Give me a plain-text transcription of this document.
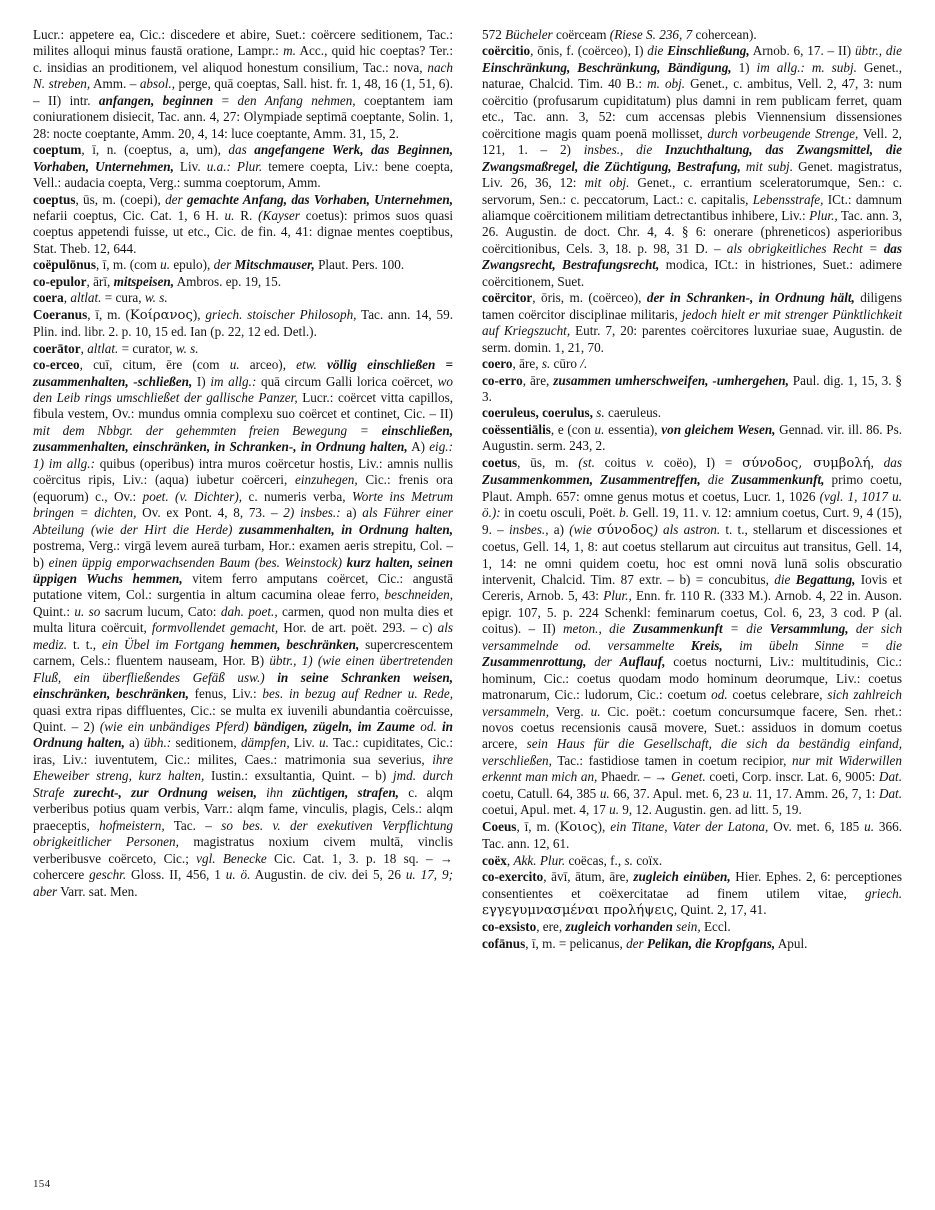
Lucr.: appetere ea, Cic.: discedere et abire, Suet.: coërcere seditionem, Tac.: milites alloqui minus faustā oratione, Lampr.: m. Acc., quid hic coeptas? Ter.: c. insidias an proditionem, vel aliquod honestum consilium, Tac.: nova, nach N. streben, Amm. – absol., perge, quā coeptas, Sall. hist. fr. 1, 48, 16 (1, 51, 6). – II) intr. anfangen, beginnen = den Anfang nehmen, coeptantem iam coniurationem disiecit, Tac. ann. 4, 27: Olympiade septimā coeptante, Solin. 1, 28: nocte coeptante, Amm. 20, 4, 14: luce coeptante, Amm. 31, 15, 2.

coeptum, ī, n. (coeptus, a, um), das angefangene Werk, das Beginnen, Vorhaben, Unternehmen, Liv. u.a.: Plur. temere coepta, Liv.: bene coepta, Vell.: audacia coepta, Verg.: summa coeptorum, Amm.

coeptus, ūs, m. (coepi), der gemachte Anfang, das Vorhaben, Unternehmen, nefarii coeptus, Cic. Cat. 1, 6 H. u. R. (Kayser coetus): primos suos quasi coeptus appetendi fuisse, ut etc., Cic. de fin. 4, 41: dignae mentes coeptibus, Stat. Theb. 12, 644.

coëpulōnus, ī, m. (com u. epulo), der Mitschmauser, Plaut. Pers. 100.

co-epulor, ārī, mitspeisen, Ambros. ep. 19, 15.

coera, altlat. = cura, w. s.

Coeranus, ī, m. (Κοίρανος), griech. stoischer Philosoph, Tac. ann. 14, 59. Plin. ind. libr. 2. p. 10, 15 ed. Ian (p. 22, 12 ed. Detl.).

coerātor, altlat. = curator, w. s.

co-erceo, cuī, citum, ēre (com u. arceo), etw. völlig einschließen = zusammenhalten, -schließen, I) im allg.: quā circum Galli lorica coërcet, wo den Leib rings umschließet der gallische Panzer, Lucr.: coërcet vitta capillos, fibula vestem, Ov.: mundus omnia complexu suo coërcet et continet, Cic. – II) mit dem Nbbgr. der gehemmten freien Bewegung = einschließen, zusammenhalten, einschränken, in Schranken-, in Ordnung halten, A) eig.: 1) im allg.: quibus (operibus) intra muros coërcetur hostis, Liv.: amnis nullis coërcitus ripis, Liv.: (aqua) iubetur coërceri, einzuhegen, Cic.: frenis ora (equorum) c., Ov.: poet. (v. Dichter), c. numeris verba, Worte ins Metrum bringen = dichten, Ov. ex Pont. 4, 8, 73. – 2) insbes.: a) als Führer einer Abteilung (wie der Hirt die Herde) zusammenhalten, in Ordnung halten, postrema, Verg.: virgā levem aureā turbam, Hor.: examen aeris strepitu, Col. – b) einen üppig emporwachsenden Baum (bes. Weinstock) kurz halten, seinen üppigen Wuchs hemmen, vitem ferro amputans coërcet, Cic.: angustā putatione vitem, Col.: surgentia in altum cacumina oleae ferro, beschneiden, Quint.: u. so sacrum lucum, Cato: dah. poet., carmen, quod non multa dies et multa litura coërcuit, formvollendet gemacht, Hor. de art. poët. 293. – c) als mediz. t. t., ein Übel im Fortgang hemmen, beschränken, supercrescentem carnem, Cels.: fluentem nauseam, Hor. B) übtr., 1) (wie einen übertretenden Fluß, ein überfließendes Gefäß usw.) in seine Schranken weisen, einschränken, beschränken, fenus, Liv.: bes. in bezug auf Redner u. Rede, quasi extra ripas diffluentes, Cic.: se multa ex iuvenili abundantia coërcuisse, Quint. – 2) (wie ein unbändiges Pferd) bändigen, zügeln, im Zaume od. in Ordnung halten, a) übh.: seditionem, dämpfen, Liv. u. Tac.: cupiditates, Cic.: iras, Liv.: iuventutem, Cic.: milites, Caes.: matrimonia sua severius, ihre Eheweiber streng, kurz halten, Iustin.: exsultantia, Quint. – b) jmd. durch Strafe zurecht-, zur Ordnung weisen, ihn züchtigen, strafen, c. alqm verberibus potius quam verbis, Varr.: alqm fame, vinculis, plagis, Cels.: alqm praeceptis, hofmeistern, Tac. – so bes. v. der exekutiven Verpflichtung obrigkeitlicher Personen, magistratus noxium civem multā, vinclis verberibusve coërceto, Cic.; vgl. Benecke Cic. Cat. 1, 3. p. 18 sq. – → cohercere geschr. Gloss. II, 456, 1 u. ö. Augustin. de civ. dei 5, 26 u. 17, 9; aber Varr. sat. Men.

572 Bücheler coërceam (Riese S. 236, 7 cohercean).

coërcitio, ōnis, f. (coërceo), I) die Einschließung, Arnob. 6, 17. – II) übtr., die Einschränkung, Beschränkung, Bändigung, 1) im allg.: m. subj. Genet., naturae, Chalcid. Tim. 40 B.: m. obj. Genet., c. ambitus, Vell. 2, 47, 3: num coërcitio (profusarum cupiditatum) plus damni in rem publicam ferret, quam etc., Tac. ann. 3, 52: cum accensas plebis Viennensium dissensiones coërcitione magis quam poenā mollisset, durch vorbeugende Strenge, Vell. 2, 121, 1. – 2) insbes., die Inzuchthaltung, das Zwangsmittel, die Zwangsmaßregel, die Züchtigung, Bestrafung, mit subj. Genet. magistratus, Liv. 26, 36, 12: mit obj. Genet., c. errantium sceleratorumque, Sen.: c. servorum, Sen.: c. peccatorum, Lact.: c. capitalis, Lebensstrafe, ICt.: damnum aliamque coërcitionem militiam detrectantibus inhibere, Liv.: Plur., Tac. ann. 3, 26. Augustin. de doct. Chr. 4, 4. § 6: onerare (phreneticos) asperioribus coërcitionibus, Cels. 3, 18. p. 98, 31 D. – als obrigkeitliches Recht = das Zwangsrecht, Bestrafungsrecht, modica, ICt.: in histriones, Suet.: adimere coërcitionem, Suet.

coërcitor, ōris, m. (coërceo), der in Schranken-, in Ordnung hält, diligens tamen coërcitor disciplinae militaris, jedoch hielt er mit strenger Pünktlichkeit auf Kriegszucht, Eutr. 7, 20: parentes coërcitores luxuriae suae, Augustin. de serm. domin. 1, 21, 70.

coero, āre, s. cūro /.

co-erro, āre, zusammen umherschweifen, -umhergehen, Paul. dig. 1, 15, 3. § 3.

coeruleus, coerulus, s. caeruleus.

coëssentiālis, e (con u. essentia), von gleichem Wesen, Gennad. vir. ill. 86. Ps. Augustin. serm. 243, 2.

coetus, ūs, m. (st. coitus v. coëo), I) = σύνοδος, συμβολή, das Zusammenkommen, Zusammentreffen, die Zusammenkunft, primo coetu, Plaut. Amph. 657: omne genus motus et coetus, Lucr. 1, 1026 (vgl. 1, 1017 u. ö.): in coetu osculi, Poët. b. Gell. 19, 11. v. 12: amnium coetus, Curt. 9, 4 (15), 9. – insbes., a) (wie σύνοδος) als astron. t. t., stellarum et discessiones et coetus, Gell. 14, 1, 8: aut coetus stellarum aut circuitus aut transitus, Gell. 14, 1, 14: ne omni quidem coetu, hoc est omni novā lunā solis obscuratio intervenit, Chalcid. Tim. 87 extr. – b) = concubitus, die Begattung, Iovis et Cereris, Arnob. 5, 43: Plur., Enn. fr. 110 R. (333 M.). Arnob. 4, 22 in. Auson. epigr. 107, 5. p. 224 Schenkl: feminarum coetus, Col. 6, 23, 3 cod. P (al. coitus). – II) meton., die Zusammenkunft = die Versammlung, der sich versammelnde od. versammelte Kreis, im übeln Sinne = die Zusammenrottung, der Auflauf, coetus nocturni, Liv.: multitudinis, Cic.: hominum, Cic.: coetus quodam modo hominum deorumque, Liv.: coetus matronarum, Cic.: ludorum, Cic.: coetum od. coetus celebrare, sich zahlreich versammeln, Verg. u. Cic. poët.: coetum concursumque facere, Sen. rhet.: novos coetus recensionis causā movere, Suet.: assiduos in domum coetus arcere, sein Haus für die Gesellschaft, die sich da beständig einfand, verschließen, Tac.: fastidiose tamen in coetum recipior, nur mit Widerwillen erkennt man mich an, Phaedr. – → Genet. coeti, Corp. inscr. Lat. 6, 9005: Dat. coetu, Catull. 64, 385 u. 66, 37. Apul. met. 6, 23 u. 11, 17. Amm. 26, 7, 1: Dat. coetui, Apul. met. 4, 17 u. 9, 12. Augustin. gen. ad litt. 5, 19.

Coeus, ī, m. (Κοιος), ein Titane, Vater der Latona, Ov. met. 6, 185 u. 366. Tac. ann. 12, 61.

coëx, Akk. Plur. coëcas, f., s. coïx.

co-exercito, āvī, ātum, āre, zugleich einüben, Hier. Ephes. 2, 6: perceptiones consentientes et coëxercitatae ad finem utilem vitae, griech. εγγεγυμνασμέναι προλήψεις, Quint. 2, 17, 41.

co-exsisto, ere, zugleich vorhanden sein, Eccl.

cofānus, ī, m. = pelicanus, der Pelikan, die Kropfgans, Apul.

154
